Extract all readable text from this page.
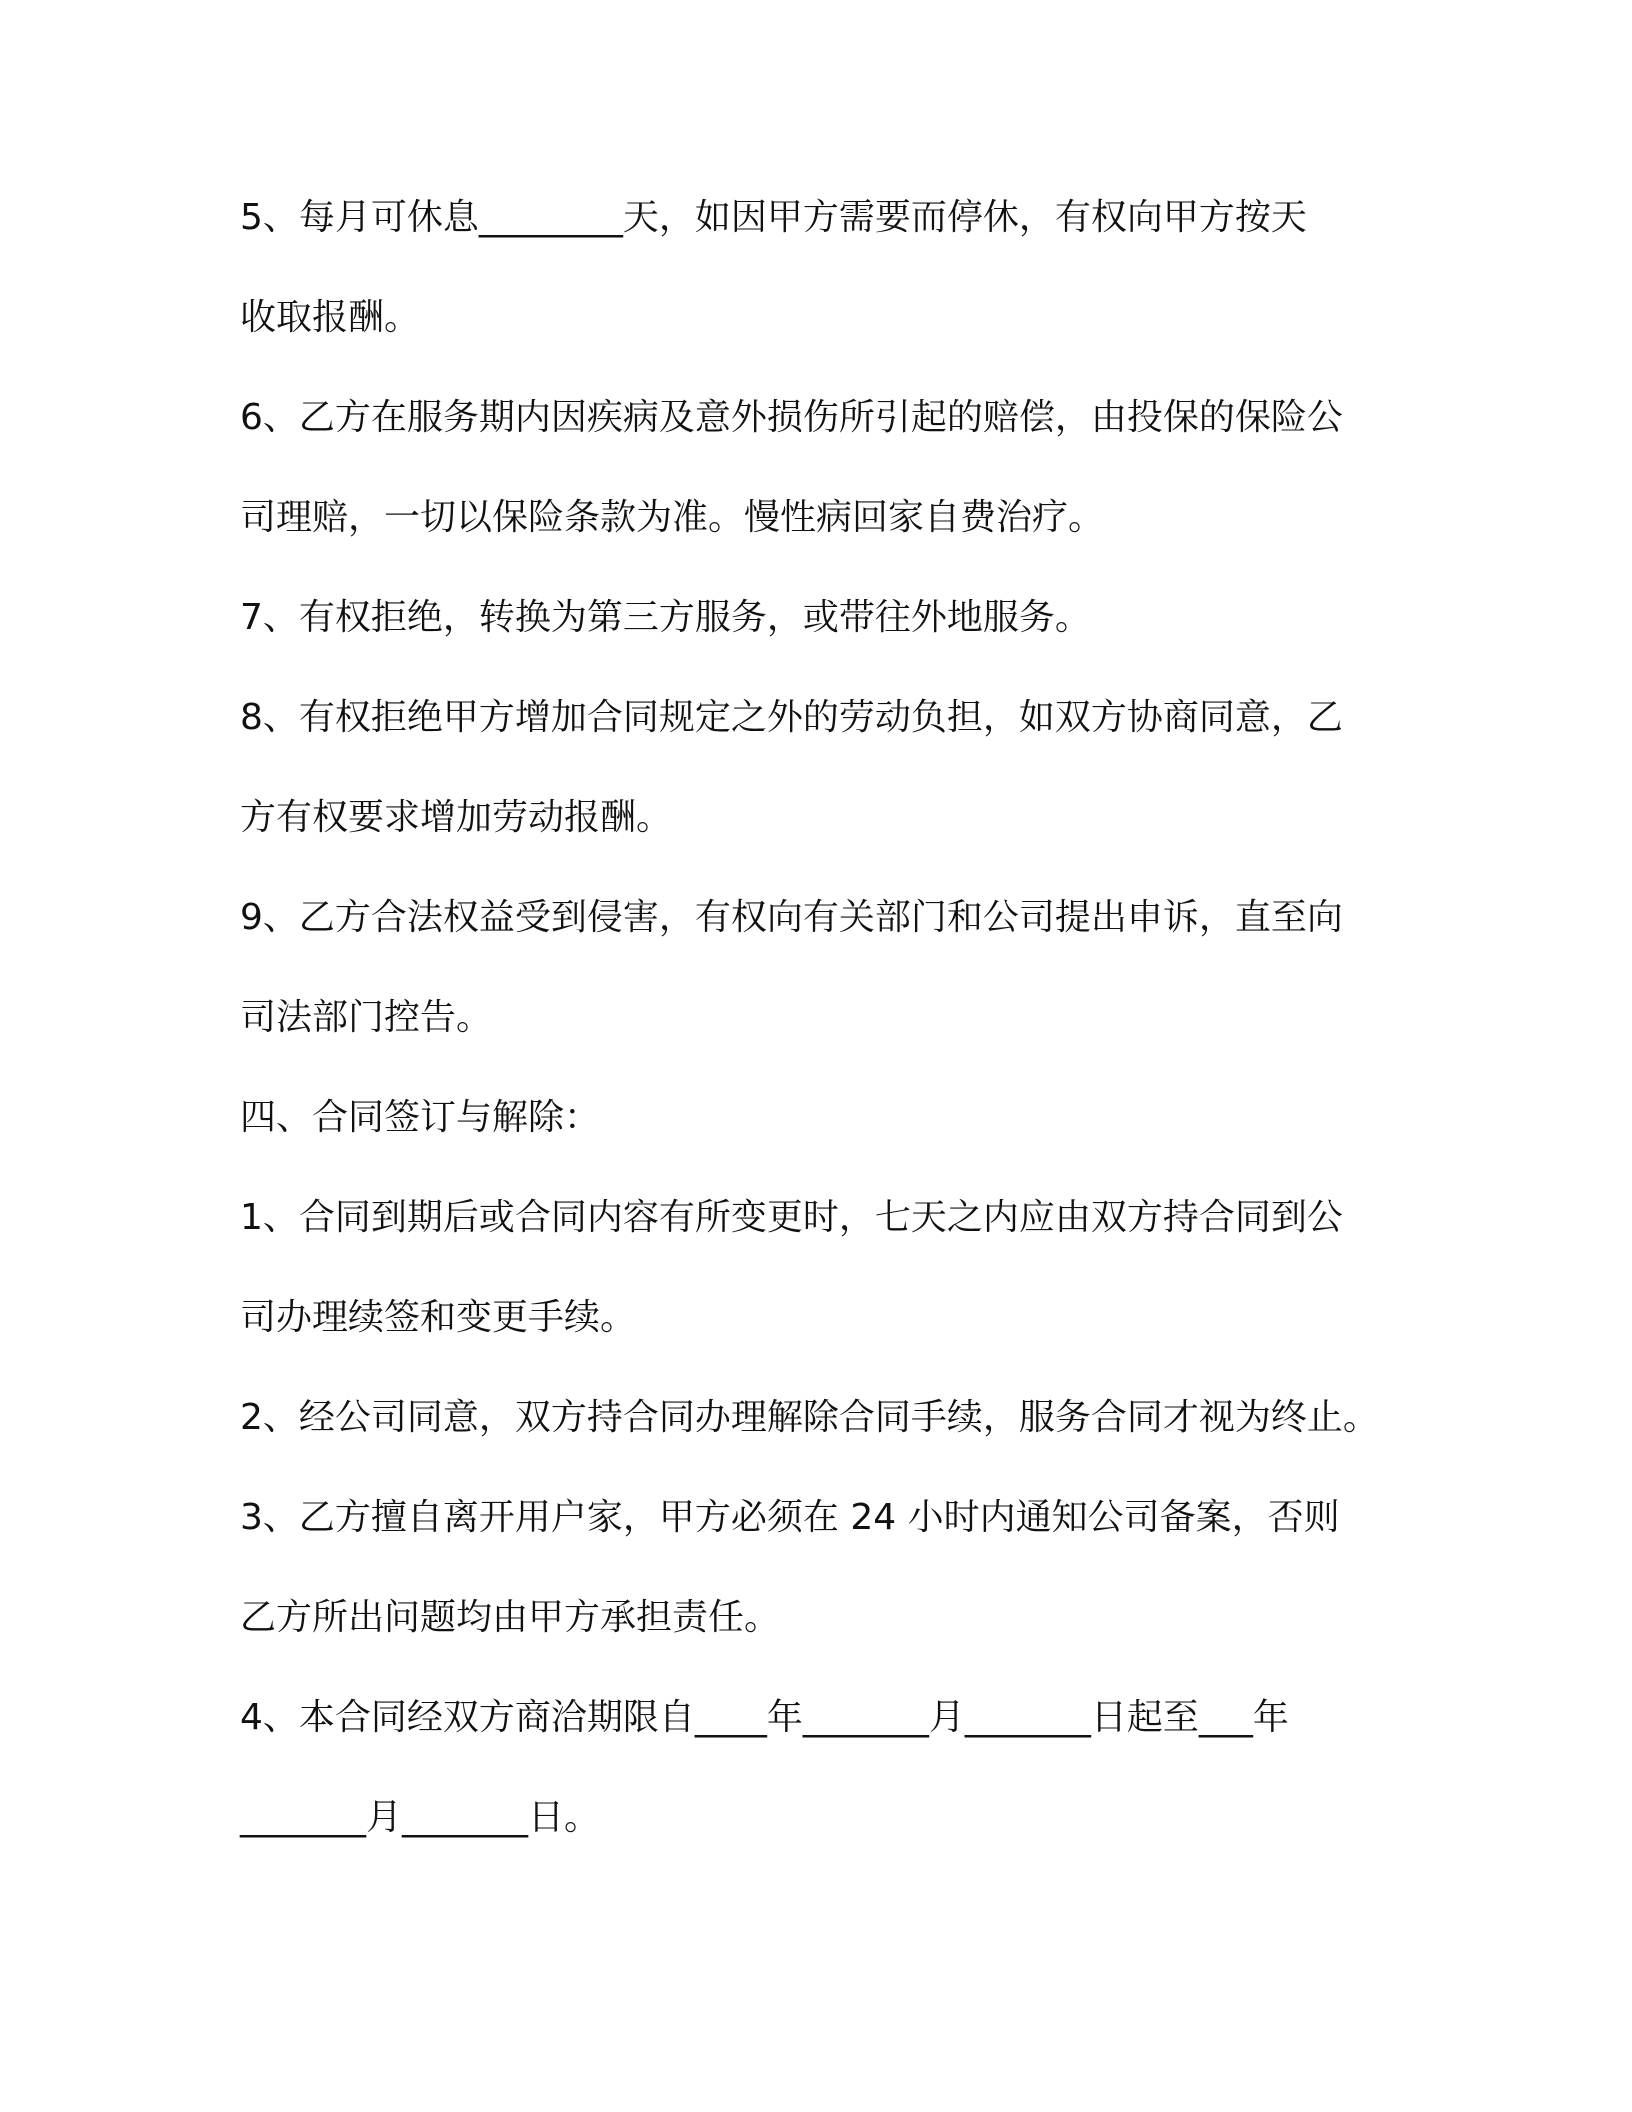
5、每月可休息________天，如因甲方需要而停休，有权向甲方按天
收取报酬。
6、乙方在服务期内因疾病及意外损伤所引起的赔偿，由投保的保险公
司理赔，一切以保险条款为准。慢性病回家自费治疗。
7、有权拒绝，转换为第三方服务，或带往外地服务。
8、有权拒绝甲方增加合同规定之外的劳动负担，如双方协商同意，乙
方有权要求增加劳动报酬。
9、乙方合法权益受到侵害，有权向有关部门和公司提出申诉，直至向
司法部门控告。
四、合同签订与解除：
1、合同到期后或合同内容有所变更时，七天之内应由双方持合同到公
司办理续签和变更手续。
2、经公司同意，双方持合同办理解除合同手续，服务合同才视为终止。
3、乙方擅自离开用户家，甲方必须在 24 小时内通知公司备案，否则
乙方所出问题均由甲方承担责任。
4、本合同经双方商洽期限自____年_______月_______日起至___年
_______月_______日。
